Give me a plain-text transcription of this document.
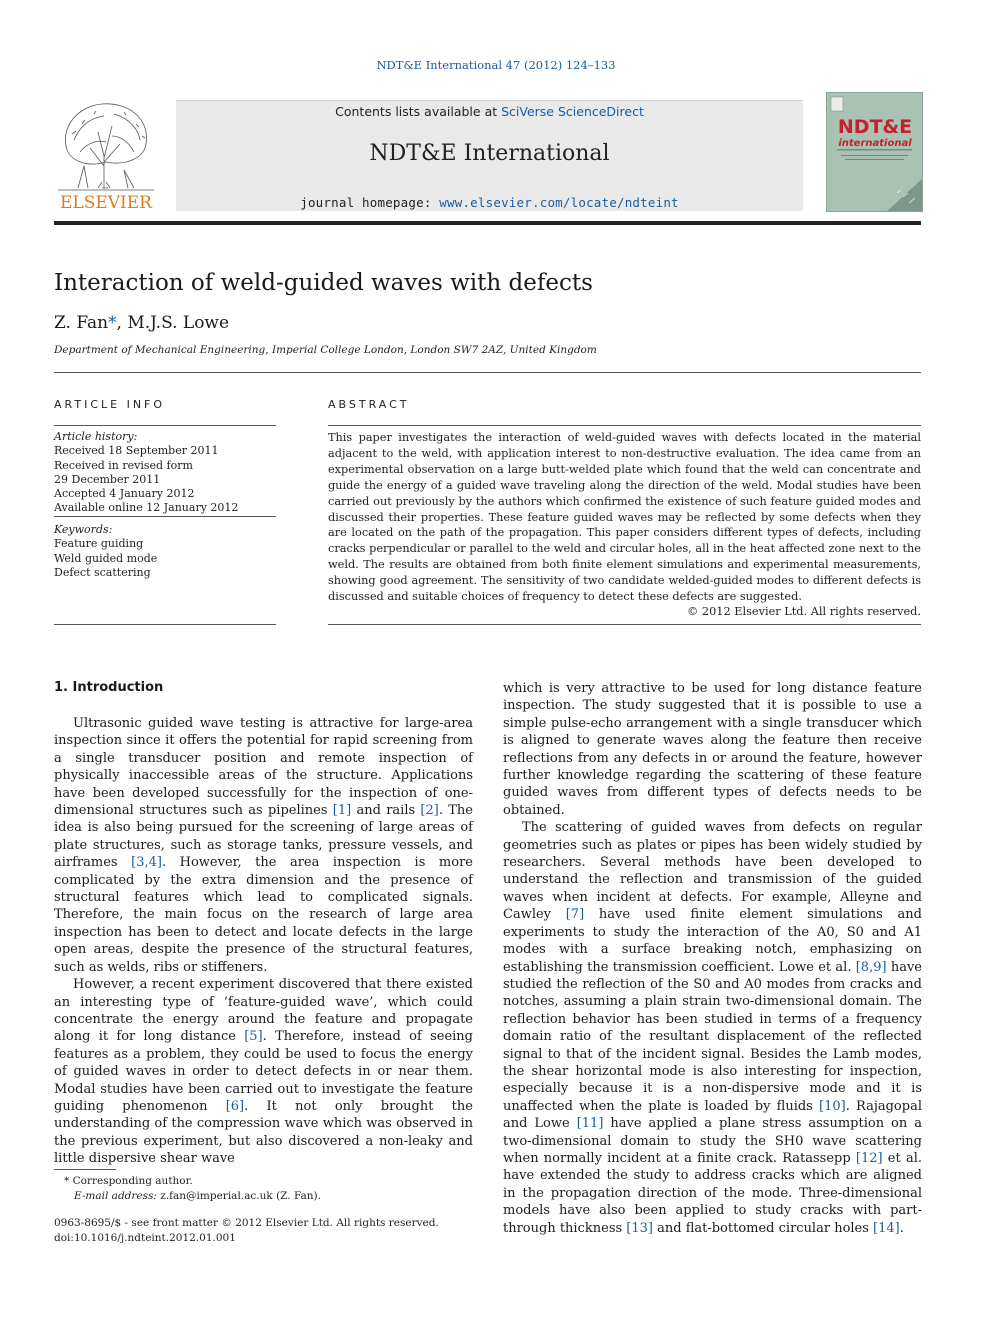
NDT&E International 47 (2012) 124–133
ELSEVIER
Contents lists available at SciVerse ScienceDirect
NDT&E International
journal homepage: www.elsevier.com/locate/ndteint
NDT&E
international
Interaction of weld-guided waves with defects
Z. Fan*, M.J.S. Lowe
Department of Mechanical Engineering, Imperial College London, London SW7 2AZ, United Kingdom
ARTICLE INFO
Article history:
Received 18 September 2011
Received in revised form
29 December 2011
Accepted 4 January 2012
Available online 12 January 2012
Keywords:
Feature guiding
Weld guided mode
Defect scattering
ABSTRACT
This paper investigates the interaction of weld-guided waves with defects located in the material adjacent to the weld, with application interest to non-destructive evaluation. The idea came from an experimental observation on a large butt-welded plate which found that the weld can concentrate and guide the energy of a guided wave traveling along the direction of the weld. Modal studies have been carried out previously by the authors which confirmed the existence of such feature guided modes and discussed their properties. These feature guided waves may be reflected by some defects when they are located on the path of the propagation. This paper considers different types of defects, including cracks perpendicular or parallel to the weld and circular holes, all in the heat affected zone next to the weld. The results are obtained from both finite element simulations and experimental measurements, showing good agreement. The sensitivity of two candidate welded-guided modes to different defects is discussed and suitable choices of frequency to detect these defects are suggested.
© 2012 Elsevier Ltd. All rights reserved.
1. Introduction

Ultrasonic guided wave testing is attractive for large-area inspection since it offers the potential for rapid screening from a single transducer position and remote inspection of physically inaccessible areas of the structure. Applications have been developed successfully for the inspection of one-dimensional structures such as pipelines [1] and rails [2]. The idea is also being pursued for the screening of large areas of plate structures, such as storage tanks, pressure vessels, and airframes [3,4]. However, the area inspection is more complicated by the extra dimension and the presence of structural features which lead to complicated signals. Therefore, the main focus on the research of large area inspection has been to detect and locate defects in the large open areas, despite the presence of the structural features, such as welds, ribs or stiffeners.

However, a recent experiment discovered that there existed an interesting type of ‘feature-guided wave’, which could concentrate the energy around the feature and propagate along it for long distance [5]. Therefore, instead of seeing features as a problem, they could be used to focus the energy of guided waves in order to detect defects in or near them. Modal studies have been carried out to investigate the feature guiding phenomenon [6]. It not only brought the understanding of the compression wave which was observed in the previous experiment, but also discovered a non-leaky and little dispersive shear wave

which is very attractive to be used for long distance feature inspection. The study suggested that it is possible to use a simple pulse-echo arrangement with a single transducer which is aligned to generate waves along the feature then receive reflections from any defects in or around the feature, however further knowledge regarding the scattering of these feature guided waves from different types of defects needs to be obtained.

The scattering of guided waves from defects on regular geometries such as plates or pipes has been widely studied by researchers. Several methods have been developed to understand the reflection and transmission of the guided waves when incident at defects. For example, Alleyne and Cawley [7] have used finite element simulations and experiments to study the interaction of the A0, S0 and A1 modes with a surface breaking notch, emphasizing on establishing the transmission coefficient. Lowe et al. [8,9] have studied the reflection of the S0 and A0 modes from cracks and notches, assuming a plain strain two-dimensional domain. The reflection behavior has been studied in terms of a frequency domain ratio of the resultant displacement of the reflected signal to that of the incident signal. Besides the Lamb modes, the shear horizontal mode is also interesting for inspection, especially because it is a non-dispersive mode and it is unaffected when the plate is loaded by fluids [10]. Rajagopal and Lowe [11] have applied a plane stress assumption on a two-dimensional domain to study the SH0 wave scattering when normally incident at a finite crack. Ratassepp [12] et al. have extended the study to address cracks which are aligned in the propagation direction of the mode. Three-dimensional models have also been applied to study cracks with part-through thickness [13] and flat-bottomed circular holes [14].

* Corresponding author.
E-mail address: z.fan@imperial.ac.uk (Z. Fan).
0963-8695/$ - see front matter © 2012 Elsevier Ltd. All rights reserved.
doi:10.1016/j.ndteint.2012.01.001
